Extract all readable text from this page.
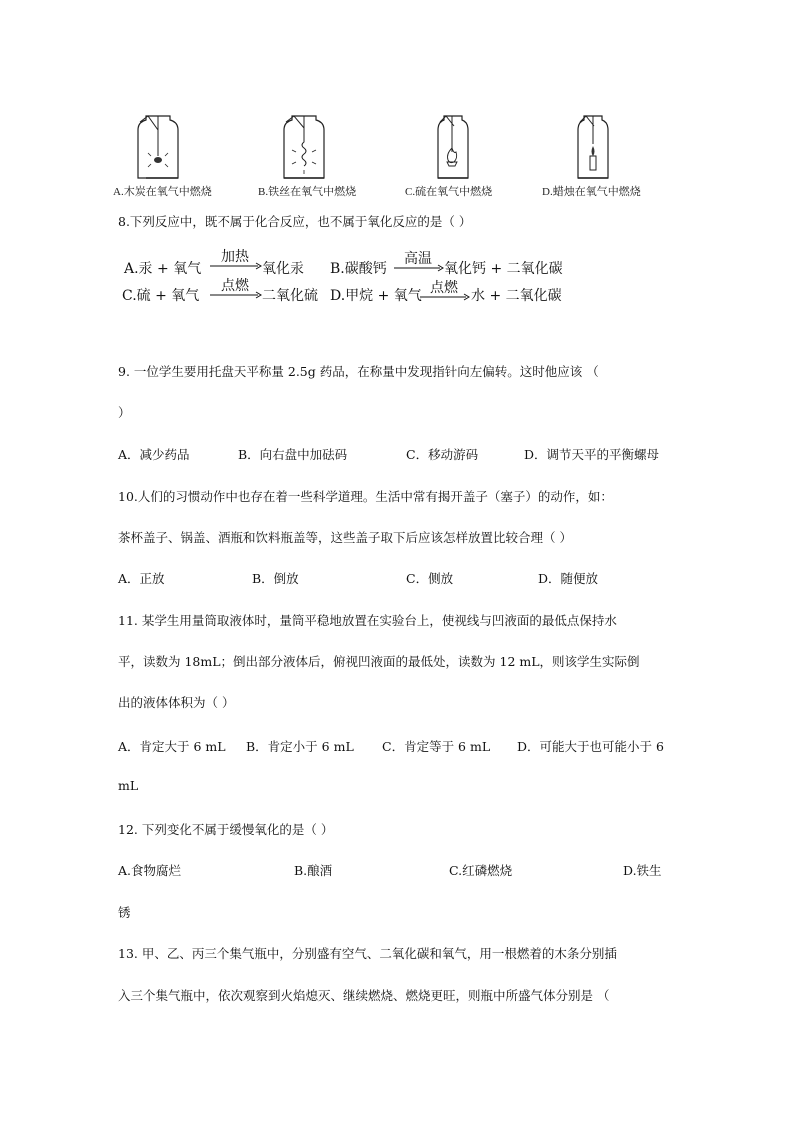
A.木炭在氧气中燃烧	B.铁丝在氧气中燃烧	C.硫在氧气中燃烧	D.蜡烛在氧气中燃烧
8.下列反应中，既不属于化合反应，也不属于氧化反应的是（ ）
A.汞 + 氧气
加热
→ 氧化汞 B.碳酸钙
高温
→ 氧化钙 + 二氧化碳
C.硫 + 氧气
点燃
→ 二氧化硫 D.甲烷 + 氧气 点燃 → 水 + 二氧化碳
9. 一位学生要用托盘天平称量 2.5g 药品，在称量中发现指针向左偏转。这时他应该 （
）
A．减少药品	B．向右盘中加砝码	C．移动游码	D．调节天平的平衡螺母
10.人们的习惯动作中也存在着一些科学道理。生活中常有揭开盖子（塞子）的动作，如：
茶杯盖子、锅盖、酒瓶和饮料瓶盖等，这些盖子取下后应该怎样放置比较合理（ ）
A．正放	B．倒放	C．侧放	D．随便放
11. 某学生用量筒取液体时，量筒平稳地放置在实验台上，使视线与凹液面的最低点保持水
平，读数为 18mL；倒出部分液体后，俯视凹液面的最低处，读数为 12 mL，则该学生实际倒
出的液体体积为（ ）
A．肯定大于 6 mL B．肯定小于 6 mL C．肯定等于 6 mL D．可能大于也可能小于 6
mL
12. 下列变化不属于缓慢氧化的是（ ）
A.食物腐烂	B.酿酒	C.红磷燃烧	D.铁生
锈
13. 甲、乙、丙三个集气瓶中，分别盛有空气、二氧化碳和氧气，用一根燃着的木条分别插
入三个集气瓶中，依次观察到火焰熄灭、继续燃烧、燃烧更旺，则瓶中所盛气体分别是 （
